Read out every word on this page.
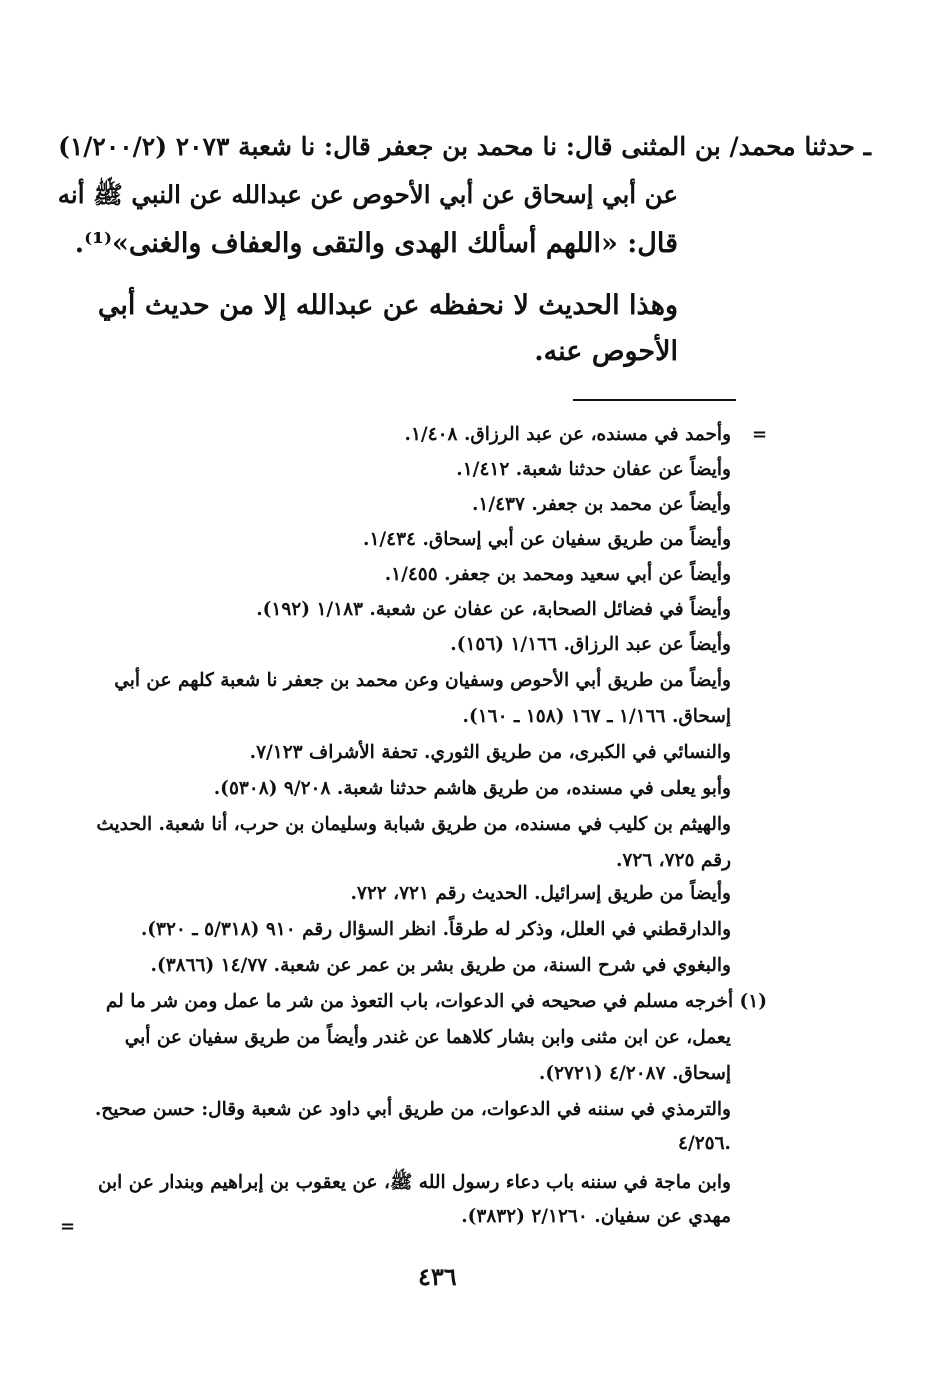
(١/٢٠٠/٢) ٢٠٧٣ ـ حدثنا محمد/ بن المثنى قال: نا محمد بن جعفر قال: نا شعبة
عن أبي إسحاق عن أبي الأحوص عن عبدالله عن النبي ﷺ أنه
قال: «اللهم أسألك الهدى والتقى والعفاف والغنى»⁽¹⁾.
وهذا الحديث لا نحفظه عن عبدالله إلا من حديث أبي
الأحوص عنه.
=
وأحمد في مسنده، عن عبد الرزاق. ١/٤٠٨.
وأيضاً عن عفان حدثنا شعبة. ١/٤١٢.
وأيضاً عن محمد بن جعفر. ١/٤٣٧.
وأيضاً من طريق سفيان عن أبي إسحاق. ١/٤٣٤.
وأيضاً عن أبي سعيد ومحمد بن جعفر. ١/٤٥٥.
وأيضاً في فضائل الصحابة، عن عفان عن شعبة. ١/١٨٣ (١٩٢).
وأيضاً عن عبد الرزاق. ١/١٦٦ (١٥٦).
وأيضاً من طريق أبي الأحوص وسفيان وعن محمد بن جعفر نا شعبة كلهم عن أبي
إسحاق. ١/١٦٦ ـ ١٦٧ (١٥٨ ـ ١٦٠).
والنسائي في الكبرى، من طريق الثوري. تحفة الأشراف ٧/١٢٣.
وأبو يعلى في مسنده، من طريق هاشم حدثنا شعبة. ٩/٢٠٨ (٥٣٠٨).
والهيثم بن كليب في مسنده، من طريق شبابة وسليمان بن حرب، أنا شعبة. الحديث
رقم ٧٢٥، ٧٢٦.
وأيضاً من طريق إسرائيل. الحديث رقم ٧٢١، ٧٢٢.
والدارقطني في العلل، وذكر له طرقاً. انظر السؤال رقم ٩١٠ (٥/٣١٨ ـ ٣٢٠).
والبغوي في شرح السنة، من طريق بشر بن عمر عن شعبة. ١٤/٧٧ (٣٨٦٦).
(١) أخرجه مسلم في صحيحه في الدعوات، باب التعوذ من شر ما عمل ومن شر ما لم
يعمل، عن ابن مثنى وابن بشار كلاهما عن غندر وأيضاً من طريق سفيان عن أبي
إسحاق. ٤/٢٠٨٧ (٢٧٢١).
والترمذي في سننه في الدعوات، من طريق أبي داود عن شعبة وقال: حسن صحيح.
٤/٢٥٦.
وابن ماجة في سننه باب دعاء رسول الله ﷺ، عن يعقوب بن إبراهيم وبندار عن ابن
مهدي عن سفيان. ٢/١٢٦٠ (٣٨٣٢).
=
٤٣٦
